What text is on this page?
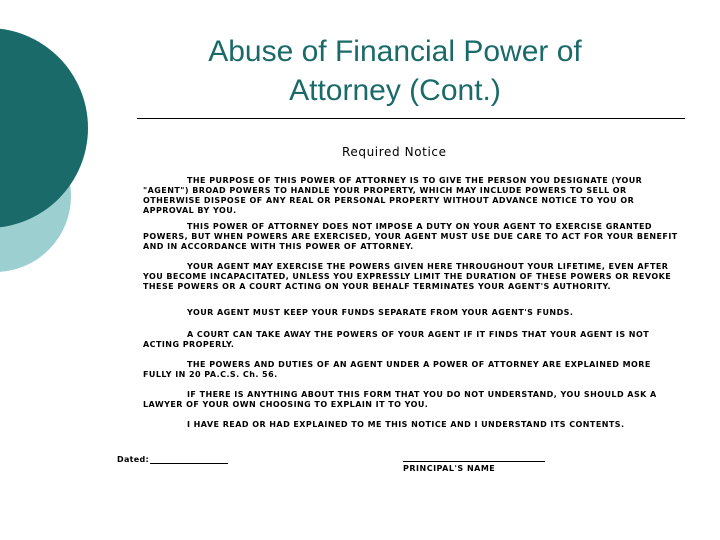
Abuse of Financial Power of Attorney (Cont.)
Required Notice

THE PURPOSE OF THIS POWER OF ATTORNEY IS TO GIVE THE PERSON YOU DESIGNATE (YOUR "AGENT") BROAD POWERS TO HANDLE YOUR PROPERTY, WHICH MAY INCLUDE POWERS TO SELL OR OTHERWISE DISPOSE OF ANY REAL OR PERSONAL PROPERTY WITHOUT ADVANCE NOTICE TO YOU OR APPROVAL BY YOU.

THIS POWER OF ATTORNEY DOES NOT IMPOSE A DUTY ON YOUR AGENT TO EXERCISE GRANTED POWERS, BUT WHEN POWERS ARE EXERCISED, YOUR AGENT MUST USE DUE CARE TO ACT FOR YOUR BENEFIT AND IN ACCORDANCE WITH THIS POWER OF ATTORNEY.

YOUR AGENT MAY EXERCISE THE POWERS GIVEN HERE THROUGHOUT YOUR LIFETIME, EVEN AFTER YOU BECOME INCAPACITATED, UNLESS YOU EXPRESSLY LIMIT THE DURATION OF THESE POWERS OR REVOKE THESE POWERS OR A COURT ACTING ON YOUR BEHALF TERMINATES YOUR AGENT'S AUTHORITY.

YOUR AGENT MUST KEEP YOUR FUNDS SEPARATE FROM YOUR AGENT'S FUNDS.

A COURT CAN TAKE AWAY THE POWERS OF YOUR AGENT IF IT FINDS THAT YOUR AGENT IS NOT ACTING PROPERLY.

THE POWERS AND DUTIES OF AN AGENT UNDER A POWER OF ATTORNEY ARE EXPLAINED MORE FULLY IN 20 PA.C.S. Ch. 56.

IF THERE IS ANYTHING ABOUT THIS FORM THAT YOU DO NOT UNDERSTAND, YOU SHOULD ASK A LAWYER OF YOUR OWN CHOOSING TO EXPLAIN IT TO YOU.

I HAVE READ OR HAD EXPLAINED TO ME THIS NOTICE AND I UNDERSTAND ITS CONTENTS.

Dated:
PRINCIPAL'S NAME
